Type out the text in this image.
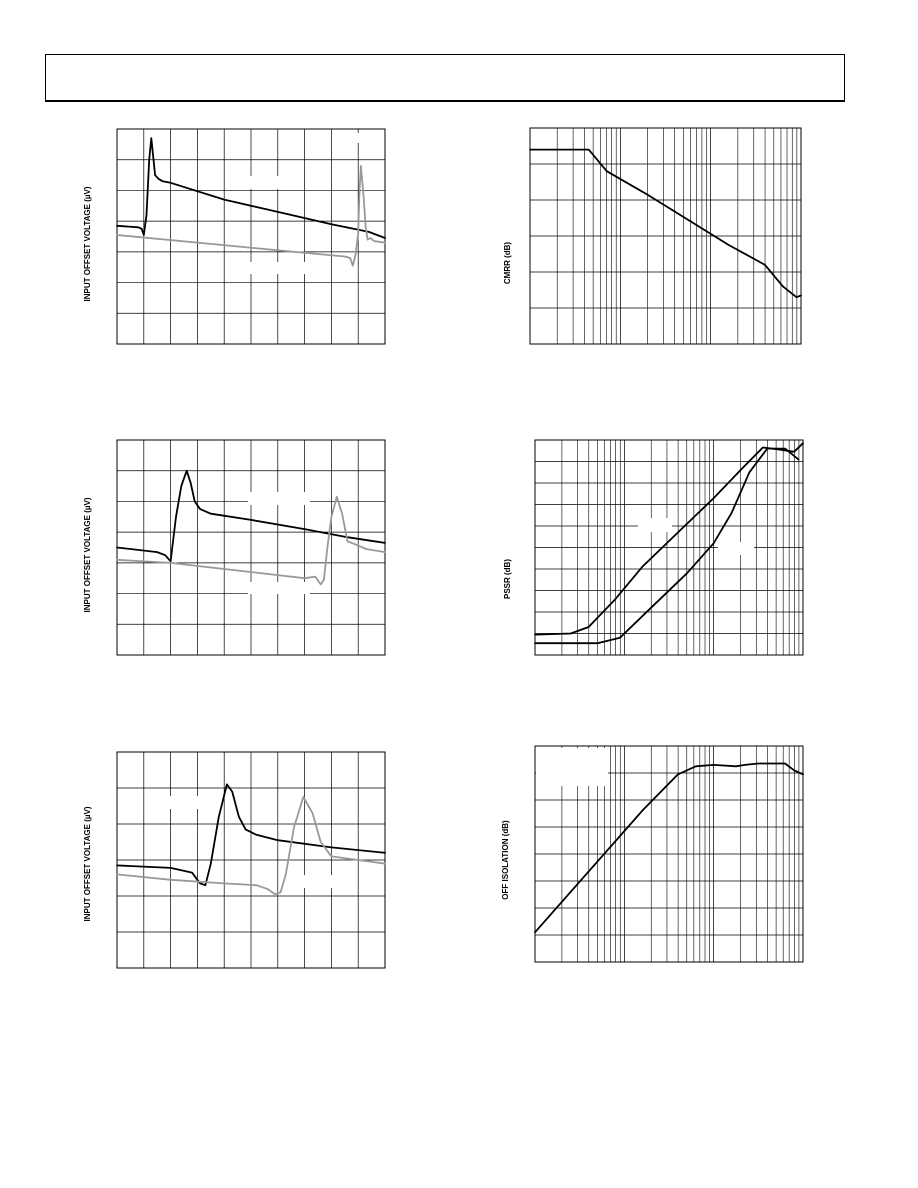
INPUT OFFSET VOLTAGE (µV)
INPUT OFFSET VOLTAGE (µV)
INPUT OFFSET VOLTAGE (µV)
CMRR (dB)
PSSR (dB)
OFF ISOLATION (dB)
